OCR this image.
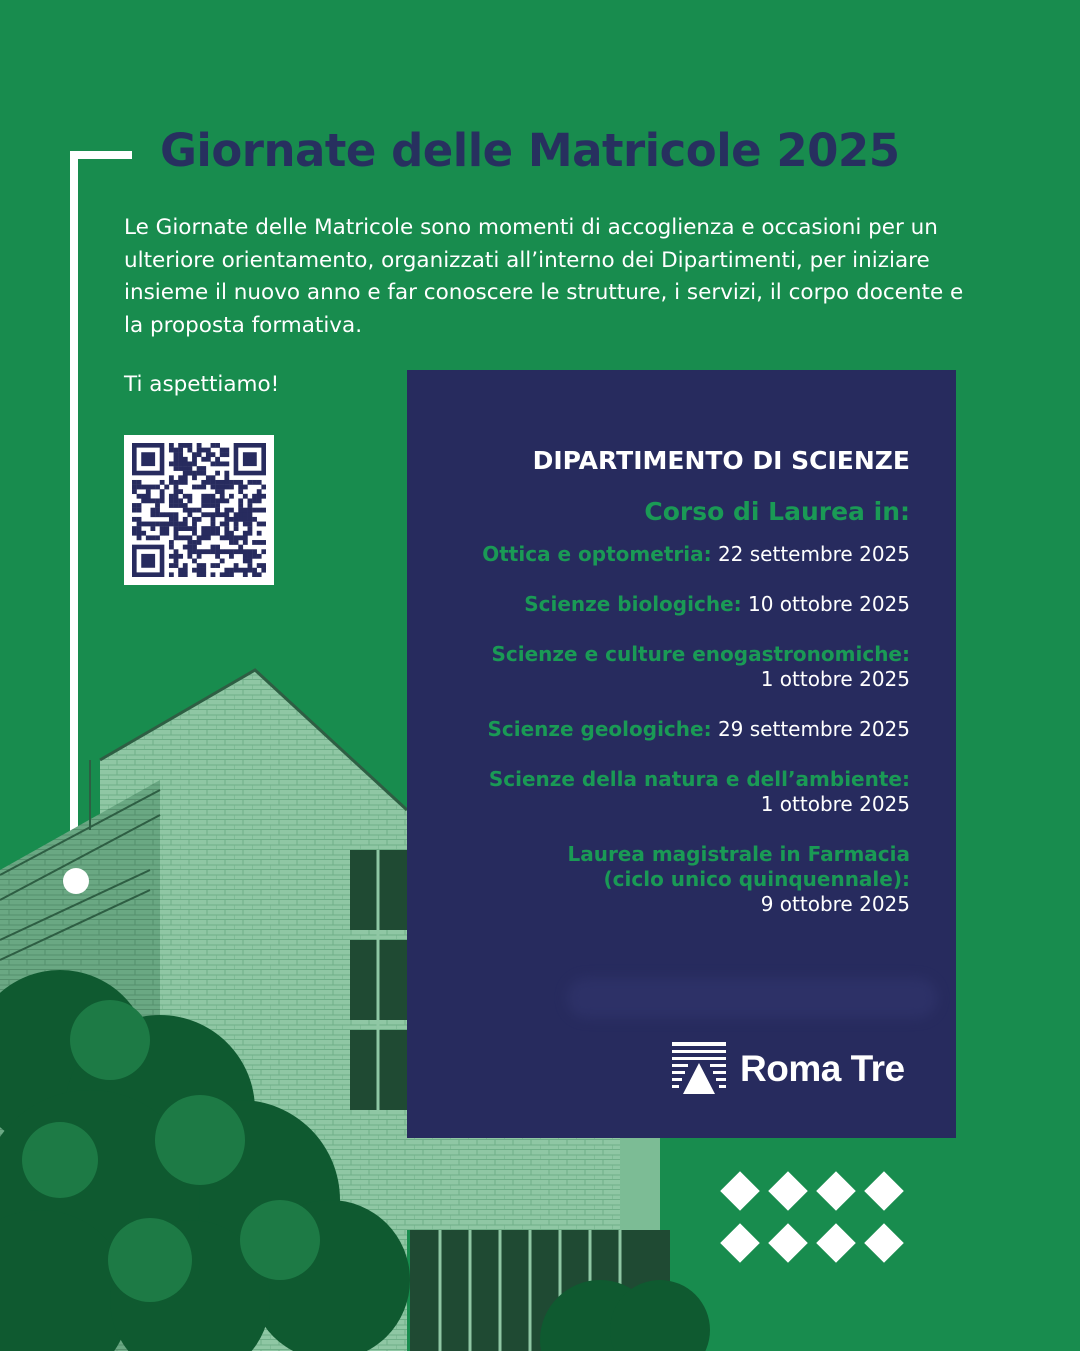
Giornate delle Matricole 2025
Le Giornate delle Matricole sono momenti di accoglienza e occasioni per un ulteriore orientamento, organizzati all’interno dei Dipartimenti, per iniziare insieme il nuovo anno e far conoscere le strutture, i servizi, il corpo docente e la proposta formativa.
Ti aspettiamo!
DIPARTIMENTO DI SCIENZE
Corso di Laurea in:
Ottica e optometria: 22 settembre 2025
Scienze biologiche: 10 ottobre 2025
Scienze e culture enogastronomiche:
1 ottobre 2025
Scienze geologiche: 29 settembre 2025
Scienze della natura e dell’ambiente:
1 ottobre 2025
Laurea magistrale in Farmacia (ciclo unico quinquennale):
9 ottobre 2025
Roma Tre
